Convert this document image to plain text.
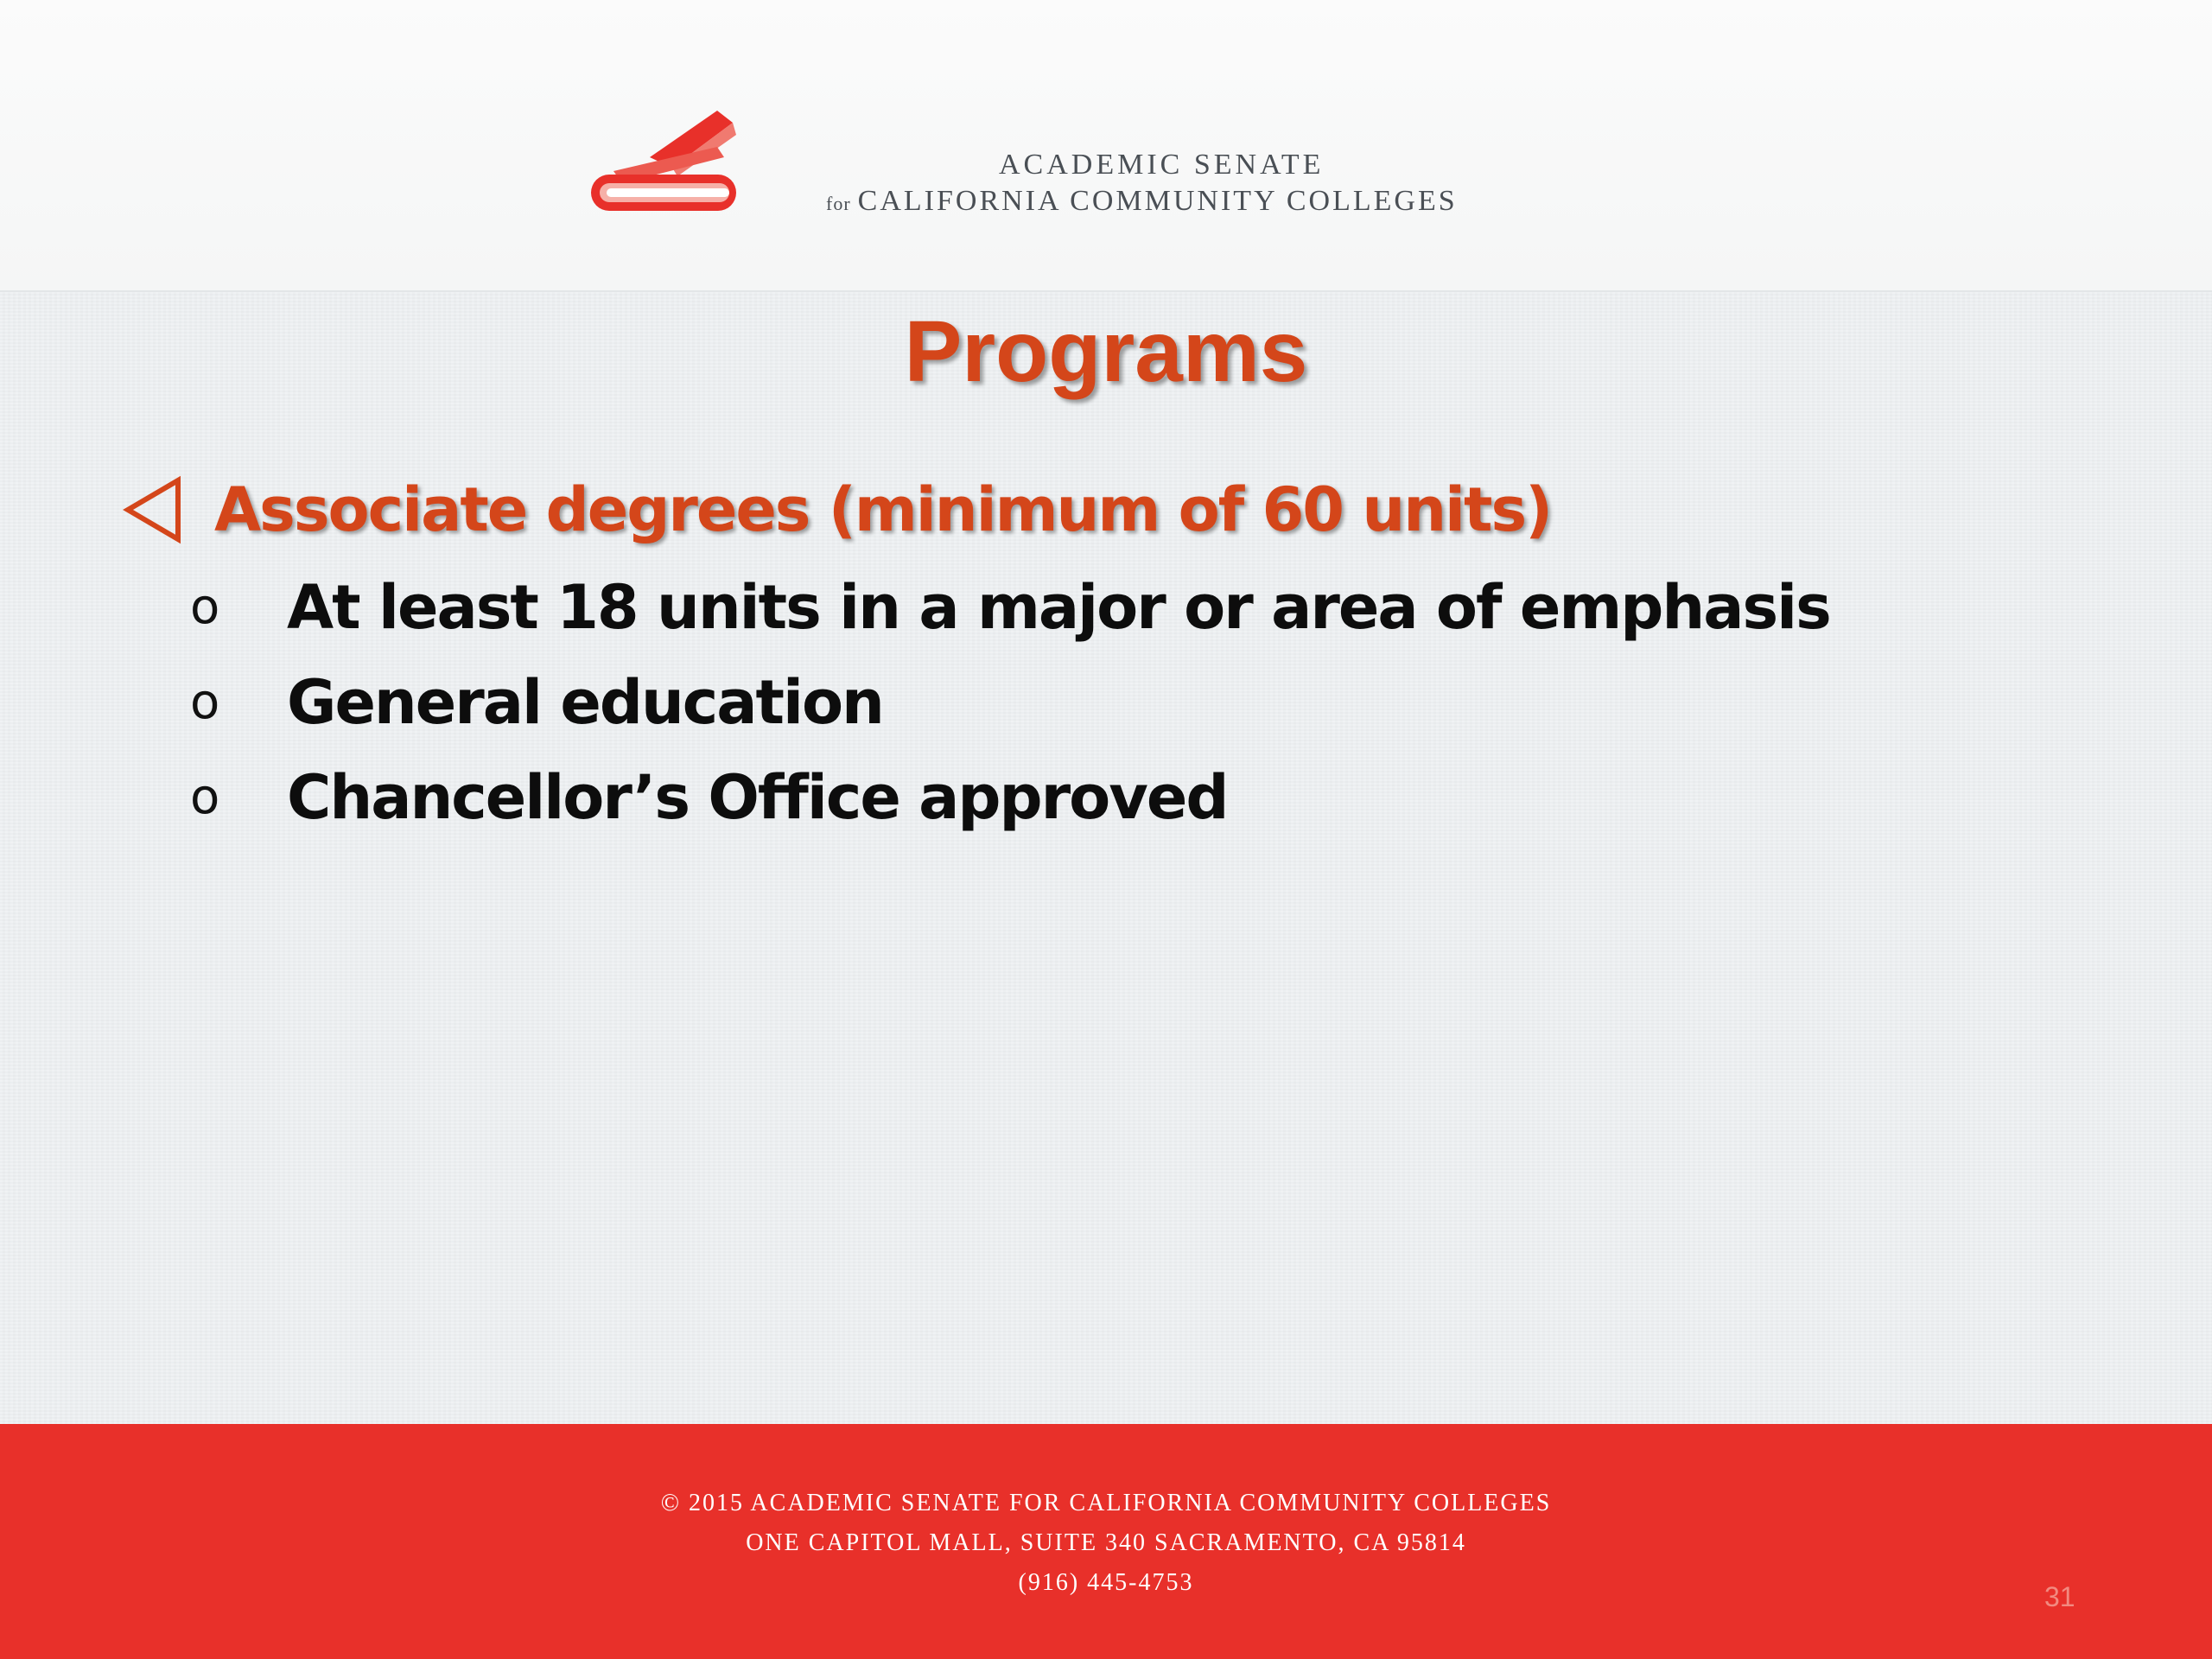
ACADEMIC SENATE
for CALIFORNIA COMMUNITY COLLEGES
Programs
Associate degrees (minimum of 60 units)
o At least 18 units in a major or area of emphasis
o General education
o Chancellor’s Office approved
© 2015 ACADEMIC SENATE FOR CALIFORNIA COMMUNITY COLLEGES
ONE CAPITOL MALL, SUITE 340 SACRAMENTO, CA 95814
(916) 445-4753	31
